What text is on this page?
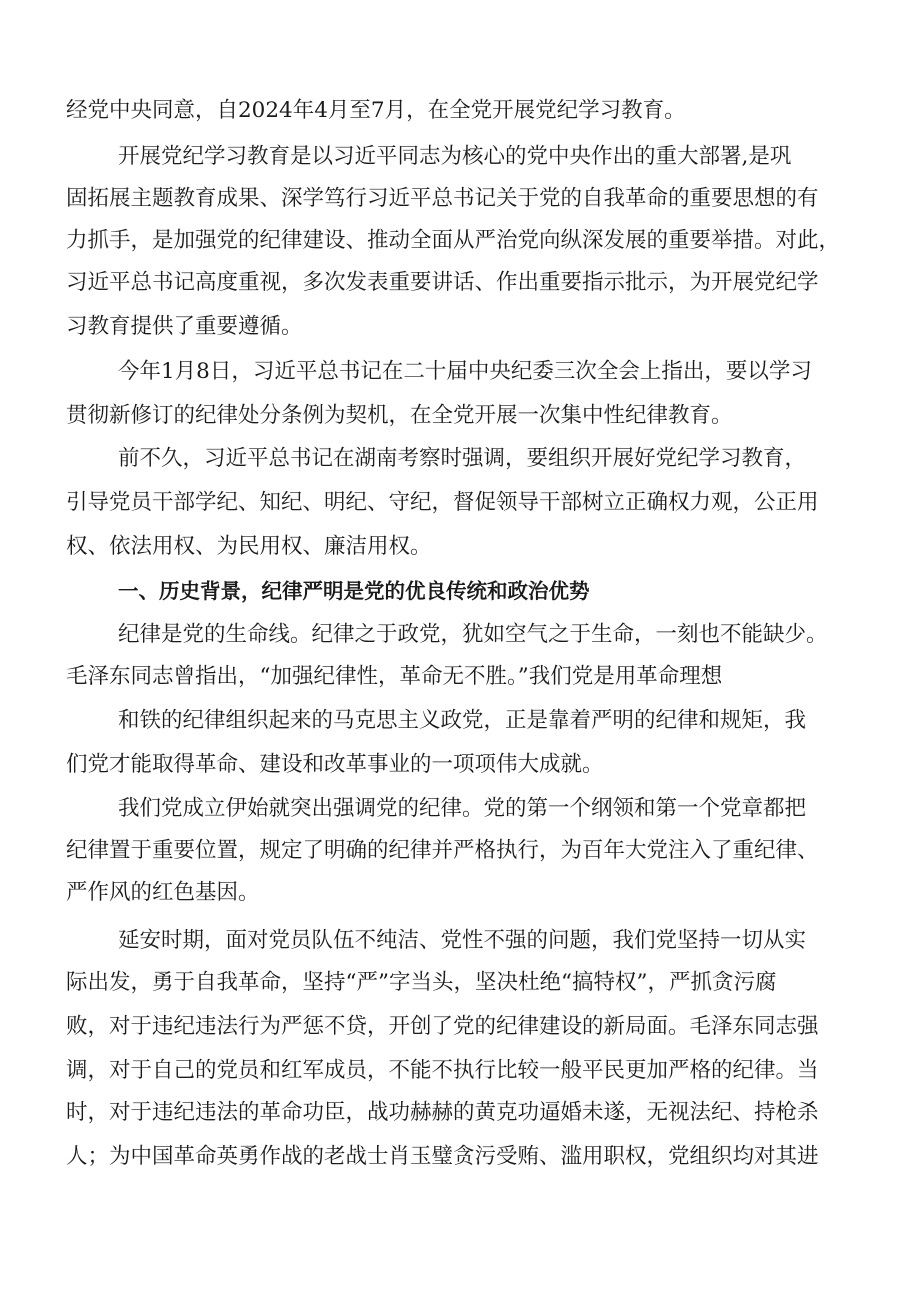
经党中央同意，自2024年4月至7月，在全党开展党纪学习教育。
开展党纪学习教育是以习近平同志为核心的党中央作出的重大部署,是巩
固拓展主题教育成果、深学笃行习近平总书记关于党的自我革命的重要思想的有
力抓手，是加强党的纪律建设、推动全面从严治党向纵深发展的重要举措。对此，
习近平总书记高度重视，多次发表重要讲话、作出重要指示批示，为开展党纪学
习教育提供了重要遵循。
今年1月8日，习近平总书记在二十届中央纪委三次全会上指出，要以学习
贯彻新修订的纪律处分条例为契机，在全党开展一次集中性纪律教育。
前不久，习近平总书记在湖南考察时强调，要组织开展好党纪学习教育，
引导党员干部学纪、知纪、明纪、守纪，督促领导干部树立正确权力观，公正用
权、依法用权、为民用权、廉洁用权。
一、历史背景，纪律严明是党的优良传统和政治优势
纪律是党的生命线。纪律之于政党，犹如空气之于生命，一刻也不能缺少。
毛泽东同志曾指出，“加强纪律性，革命无不胜。”我们党是用革命理想
和铁的纪律组织起来的马克思主义政党，正是靠着严明的纪律和规矩，我
们党才能取得革命、建设和改革事业的一项项伟大成就。
我们党成立伊始就突出强调党的纪律。党的第一个纲领和第一个党章都把
纪律置于重要位置，规定了明确的纪律并严格执行，为百年大党注入了重纪律、
严作风的红色基因。
延安时期，面对党员队伍不纯洁、党性不强的问题，我们党坚持一切从实
际出发，勇于自我革命，坚持“严”字当头，坚决杜绝“搞特权”，严抓贪污腐
败，对于违纪违法行为严惩不贷，开创了党的纪律建设的新局面。毛泽东同志强
调，对于自己的党员和红军成员，不能不执行比较一般平民更加严格的纪律。当
时，对于违纪违法的革命功臣，战功赫赫的黄克功逼婚未遂，无视法纪、持枪杀
人；为中国革命英勇作战的老战士肖玉璧贪污受贿、滥用职权，党组织均对其进
